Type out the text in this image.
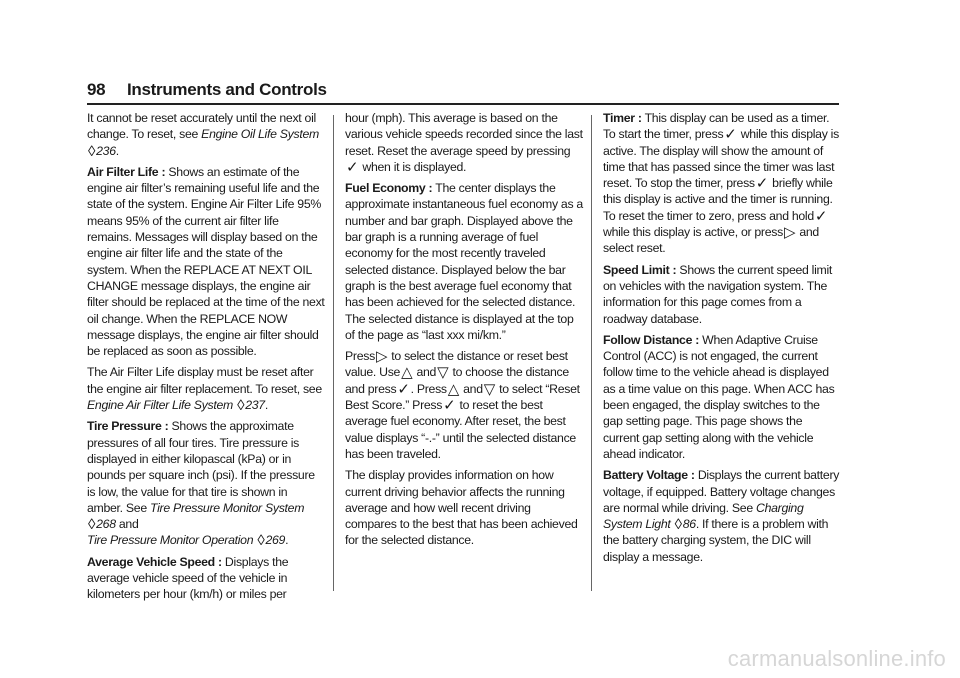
98 Instruments and Controls

It cannot be reset accurately until the next oil change. To reset, see Engine Oil Life System ◊236.

Air Filter Life : Shows an estimate of the engine air filter’s remaining useful life and the state of the system. Engine Air Filter Life 95% means 95% of the current air filter life remains. Messages will display based on the engine air filter life and the state of the system. When the REPLACE AT NEXT OIL CHANGE message displays, the engine air filter should be replaced at the time of the next oil change. When the REPLACE NOW message displays, the engine air filter should be replaced as soon as possible.

The Air Filter Life display must be reset after the engine air filter replacement. To reset, see Engine Air Filter Life System ◊237.

Tire Pressure : Shows the approximate pressures of all four tires. Tire pressure is displayed in either kilopascal (kPa) or in pounds per square inch (psi). If the pressure is low, the value for that tire is shown in amber. See Tire Pressure Monitor System
◊268 and
Tire Pressure Monitor Operation ◊269.

Average Vehicle Speed : Displays the average vehicle speed of the vehicle in kilometers per hour (km/h) or miles per

hour (mph). This average is based on the various vehicle speeds recorded since the last reset. Reset the average speed by pressing✓ when it is displayed.

Fuel Economy : The center displays the approximate instantaneous fuel economy as a number and bar graph. Displayed above the bar graph is a running average of fuel economy for the most recently traveled selected distance. Displayed below the bar graph is the best average fuel economy that has been achieved for the selected distance. The selected distance is displayed at the top of the page as “last xxx mi/km.”

Press▷ to select the distance or reset best value. Use△ and▽ to choose the distance and press✓. Press△ and▽ to select “Reset Best Score.” Press✓ to reset the best average fuel economy. After reset, the best value displays “-.-” until the selected distance has been traveled.

The display provides information on how current driving behavior affects the running average and how well recent driving compares to the best that has been achieved for the selected distance.

Timer : This display can be used as a timer. To start the timer, press✓ while this display is active. The display will show the amount of time that has passed since the timer was last reset. To stop the timer, press✓ briefly while this display is active and the timer is running. To reset the timer to zero, press and hold✓ while this display is active, or press▷ and select reset.

Speed Limit : Shows the current speed limit on vehicles with the navigation system. The information for this page comes from a roadway database.

Follow Distance : When Adaptive Cruise Control (ACC) is not engaged, the current follow time to the vehicle ahead is displayed as a time value on this page. When ACC has been engaged, the display switches to the gap setting page. This page shows the current gap setting along with the vehicle ahead indicator.

Battery Voltage : Displays the current battery voltage, if equipped. Battery voltage changes are normal while driving. See Charging System Light ◊86. If there is a problem with the battery charging system, the DIC will display a message.

carmanualsonline.info
